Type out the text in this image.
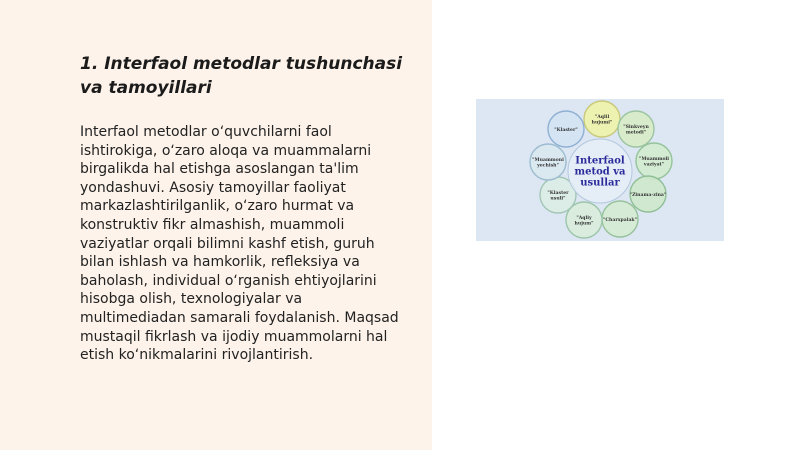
1. Interfaol metodlar tushunchasi va tamoyillari

Interfaol metodlar o‘quvchilarni faol ishtirokiga, o‘zaro aloqa va muammalarni birgalikda hal etishga asoslangan ta'lim yondashuvi. Asosiy tamoyillar faoliyat markazlashtirilganlik, o‘zaro hurmat va konstruktiv fikr almashish, muammoli vaziyatlar orqali bilimni kashf etish, guruh bilan ishlash va hamkorlik, refleksiya va baholash, individual o‘rganish ehtiyojlarini hisobga olish, texnologiyalar va multimediadan samarali foydalanish. Maqsad mustaqil fikrlash va ijodiy muammolarni hal etish ko‘nikmalarini rivojlantirish.

"Aqlil
hujumi"
"Sinkveyn
metodi"
"Muammoli
vaziyat"
"Zinama-zina"
"Charxpalak"
"Aqliy
hujum"
"Klaster
usuli"
"Muammoni
yechish"
"Klaster"
Interfaol
metod va
usullar
